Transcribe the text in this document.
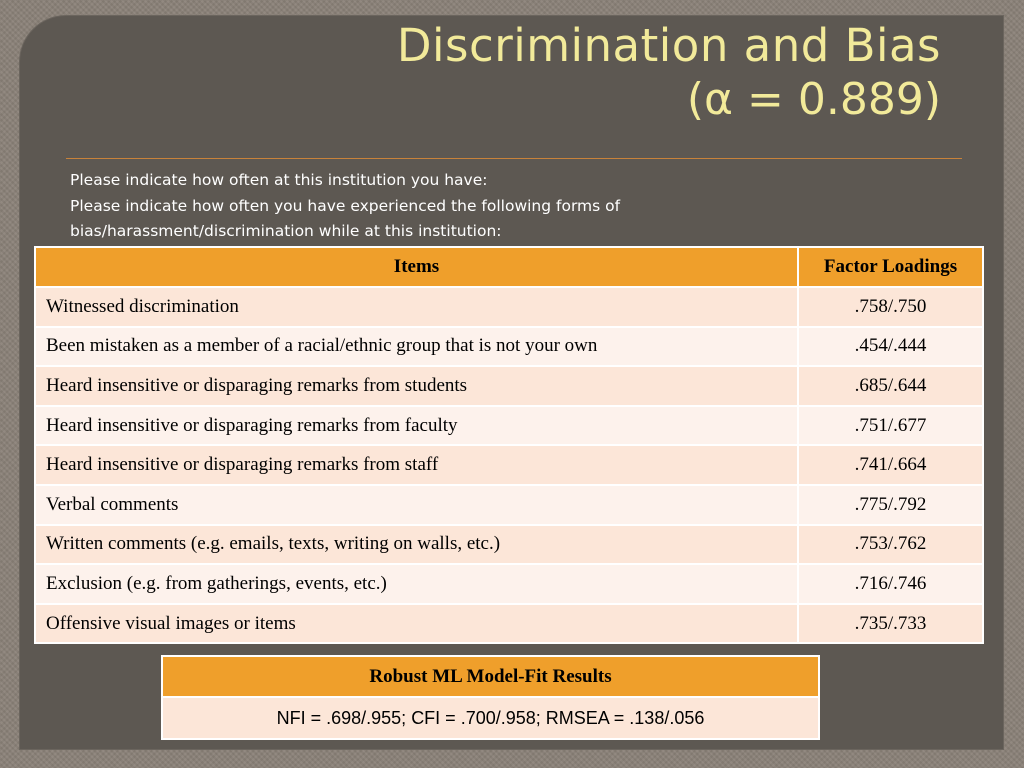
Discrimination and Bias
(α = 0.889)
Please indicate how often at this institution you have:
Please indicate how often you have experienced the following forms of
bias/harassment/discrimination while at this institution:
Items	Factor Loadings
Witnessed discrimination	.758/.750
Been mistaken as a member of a racial/ethnic group that is not your own	.454/.444
Heard insensitive or disparaging remarks from students	.685/.644
Heard insensitive or disparaging remarks from faculty	.751/.677
Heard insensitive or disparaging remarks from staff	.741/.664
Verbal comments	.775/.792
Written comments (e.g. emails, texts, writing on walls, etc.)	.753/.762
Exclusion (e.g. from gatherings, events, etc.)	.716/.746
Offensive visual images or items	.735/.733
Robust ML Model-Fit Results
NFI = .698/.955; CFI = .700/.958; RMSEA = .138/.056
